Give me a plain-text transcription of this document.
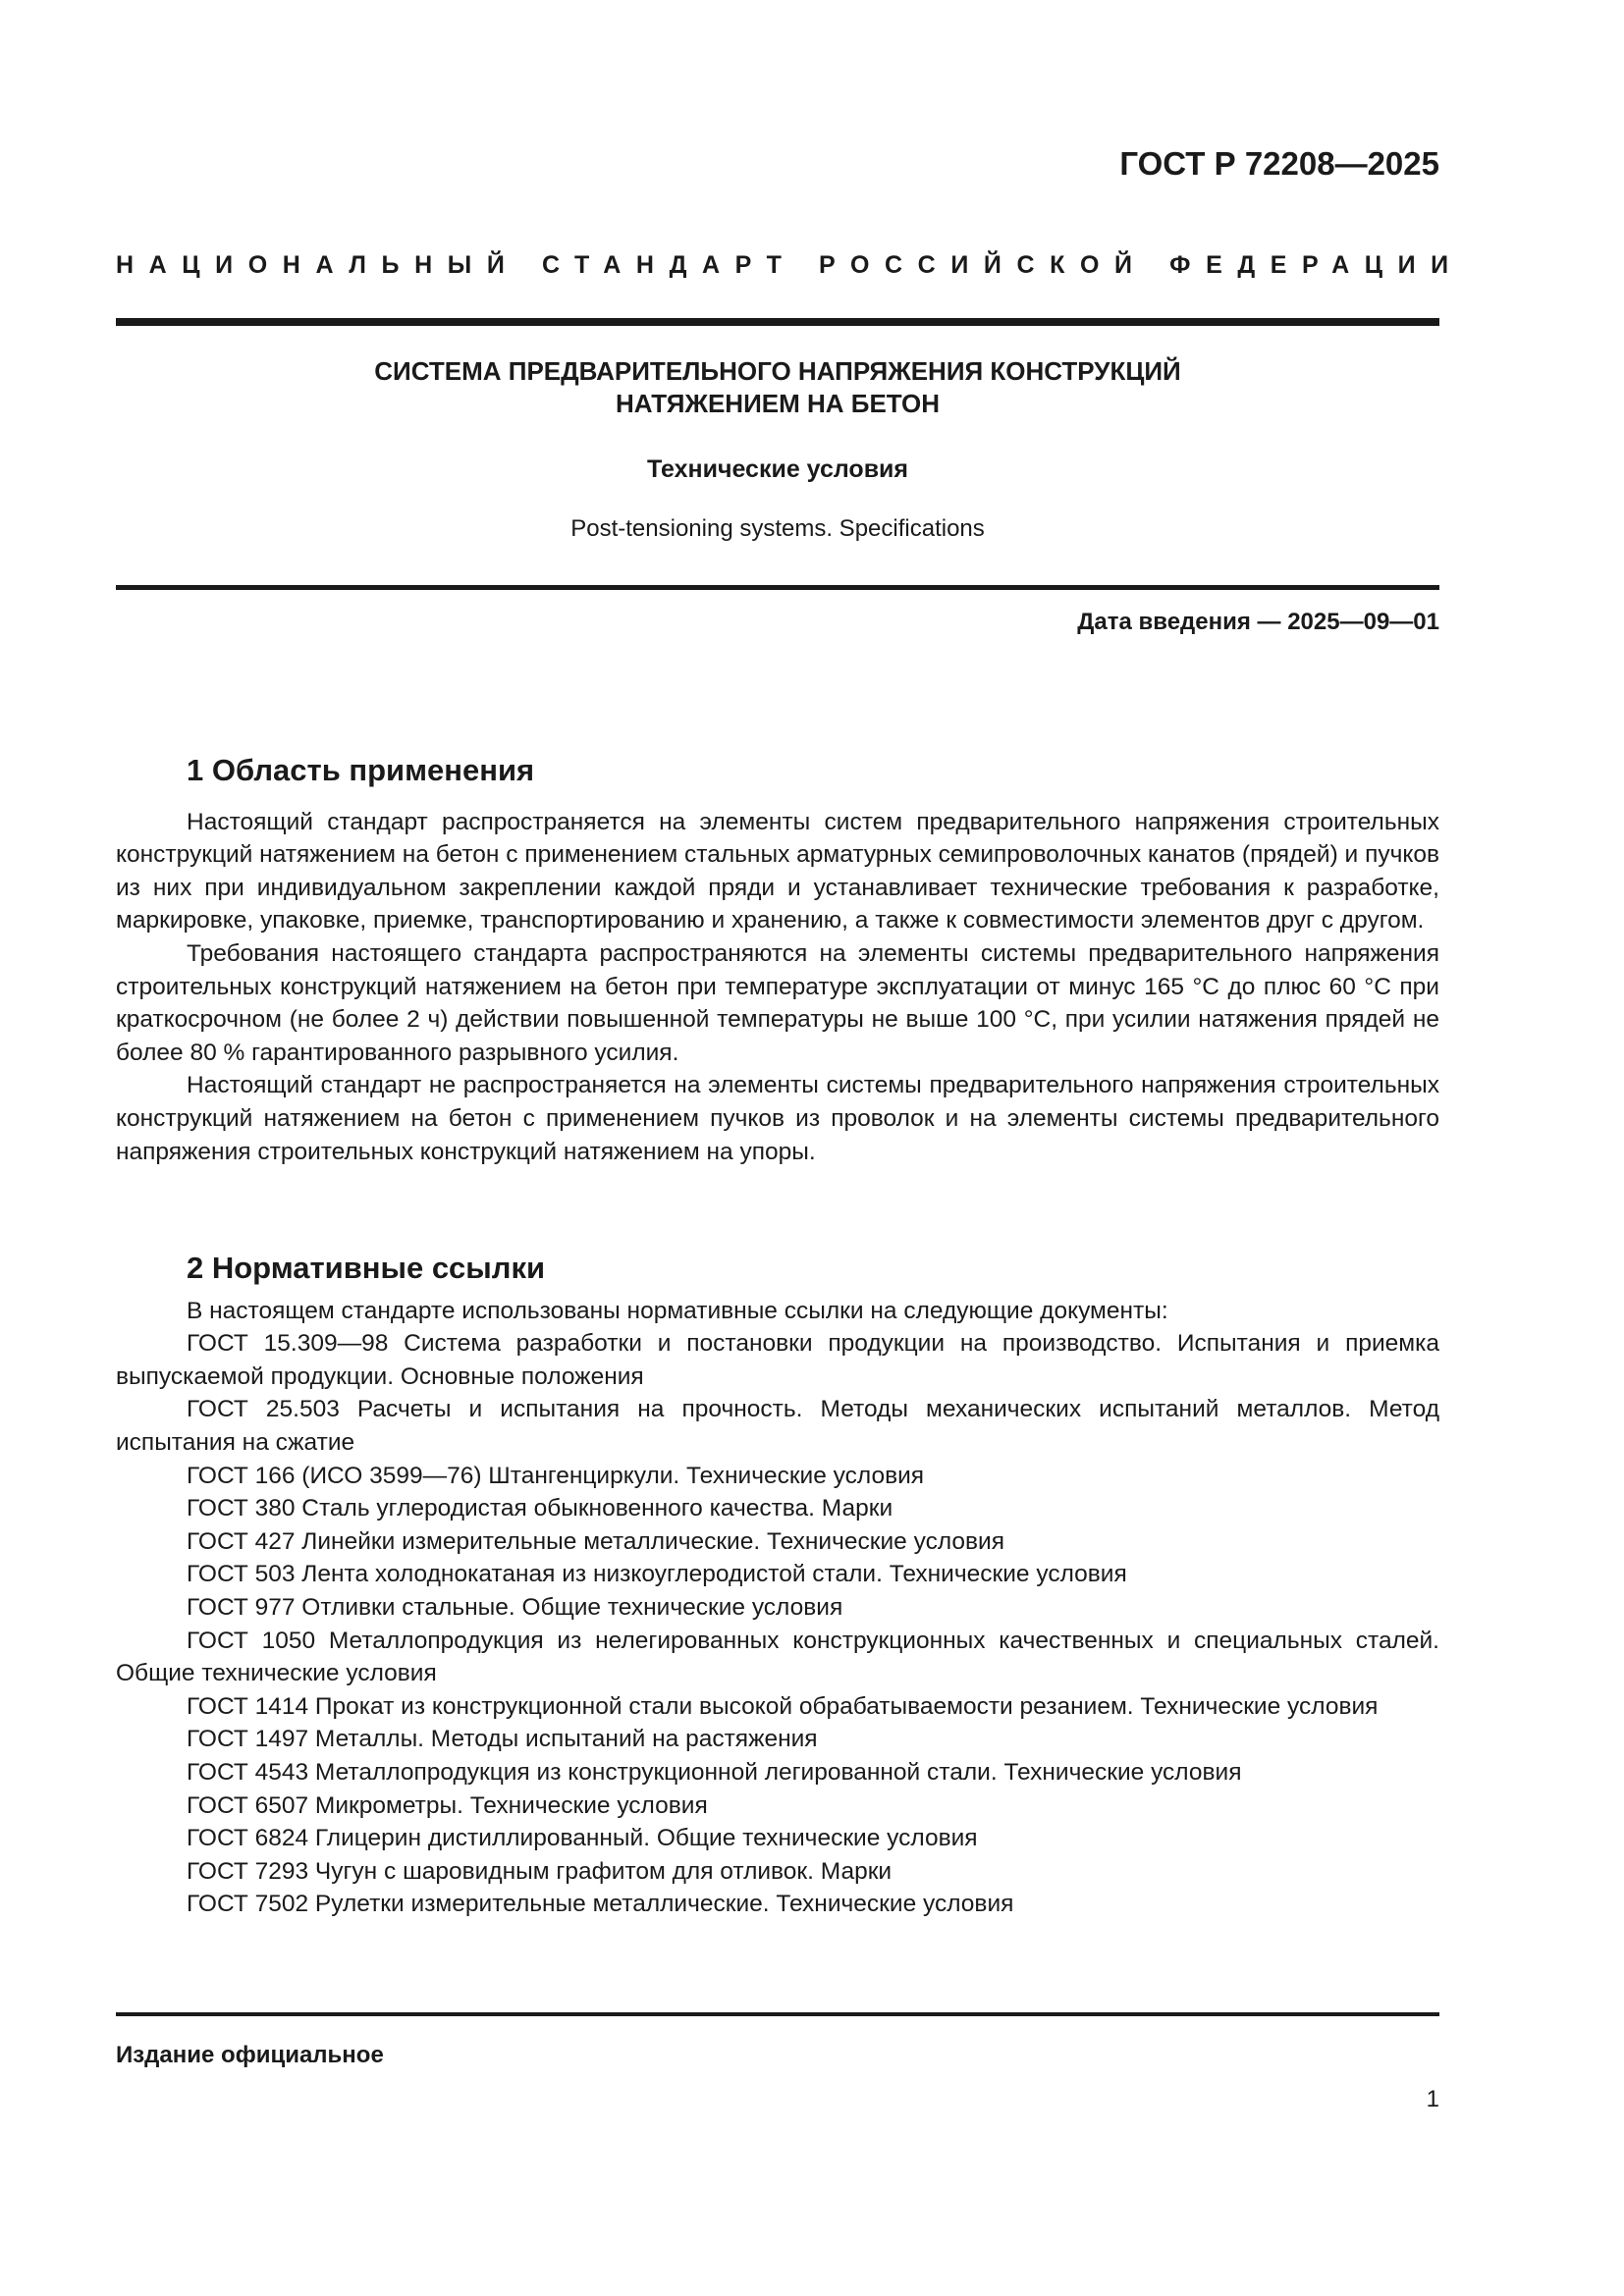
ГОСТ Р 72208—2025
НАЦИОНАЛЬНЫЙ СТАНДАРТ РОССИЙСКОЙ ФЕДЕРАЦИИ
СИСТЕМА ПРЕДВАРИТЕЛЬНОГО НАПРЯЖЕНИЯ КОНСТРУКЦИЙ
НАТЯЖЕНИЕМ НА БЕТОН
Технические условия
Post-tensioning systems. Specifications
Дата введения — 2025—09—01
1 Область применения

Настоящий стандарт распространяется на элементы систем предварительного напряжения строительных конструкций натяжением на бетон с применением стальных арматурных семипроволочных канатов (прядей) и пучков из них при индивидуальном закреплении каждой пряди и устанавливает технические требования к разработке, маркировке, упаковке, приемке, транспортированию и хранению, а также к совместимости элементов друг с другом.

Требования настоящего стандарта распространяются на элементы системы предварительного напряжения строительных конструкций натяжением на бетон при температуре эксплуатации от минус 165 °С до плюс 60 °С при краткосрочном (не более 2 ч) действии повышенной температуры не выше 100 °С, при усилии натяжения прядей не более 80 % гарантированного разрывного усилия.

Настоящий стандарт не распространяется на элементы системы предварительного напряжения строительных конструкций натяжением на бетон с применением пучков из проволок и на элементы системы предварительного напряжения строительных конструкций натяжением на упоры.

2 Нормативные ссылки

В настоящем стандарте использованы нормативные ссылки на следующие документы:

ГОСТ 15.309—98 Система разработки и постановки продукции на производство. Испытания и приемка выпускаемой продукции. Основные положения

ГОСТ 25.503 Расчеты и испытания на прочность. Методы механических испытаний металлов. Метод испытания на сжатие

ГОСТ 166 (ИСО 3599—76) Штангенциркули. Технические условия

ГОСТ 380 Сталь углеродистая обыкновенного качества. Марки

ГОСТ 427 Линейки измерительные металлические. Технические условия

ГОСТ 503 Лента холоднокатаная из низкоуглеродистой стали. Технические условия

ГОСТ 977 Отливки стальные. Общие технические условия

ГОСТ 1050 Металлопродукция из нелегированных конструкционных качественных и специальных сталей. Общие технические условия

ГОСТ 1414 Прокат из конструкционной стали высокой обрабатываемости резанием. Технические условия

ГОСТ 1497 Металлы. Методы испытаний на растяжения

ГОСТ 4543 Металлопродукция из конструкционной легированной стали. Технические условия

ГОСТ 6507 Микрометры. Технические условия

ГОСТ 6824 Глицерин дистиллированный. Общие технические условия

ГОСТ 7293 Чугун с шаровидным графитом для отливок. Марки

ГОСТ 7502 Рулетки измерительные металлические. Технические условия

Издание официальное
1
